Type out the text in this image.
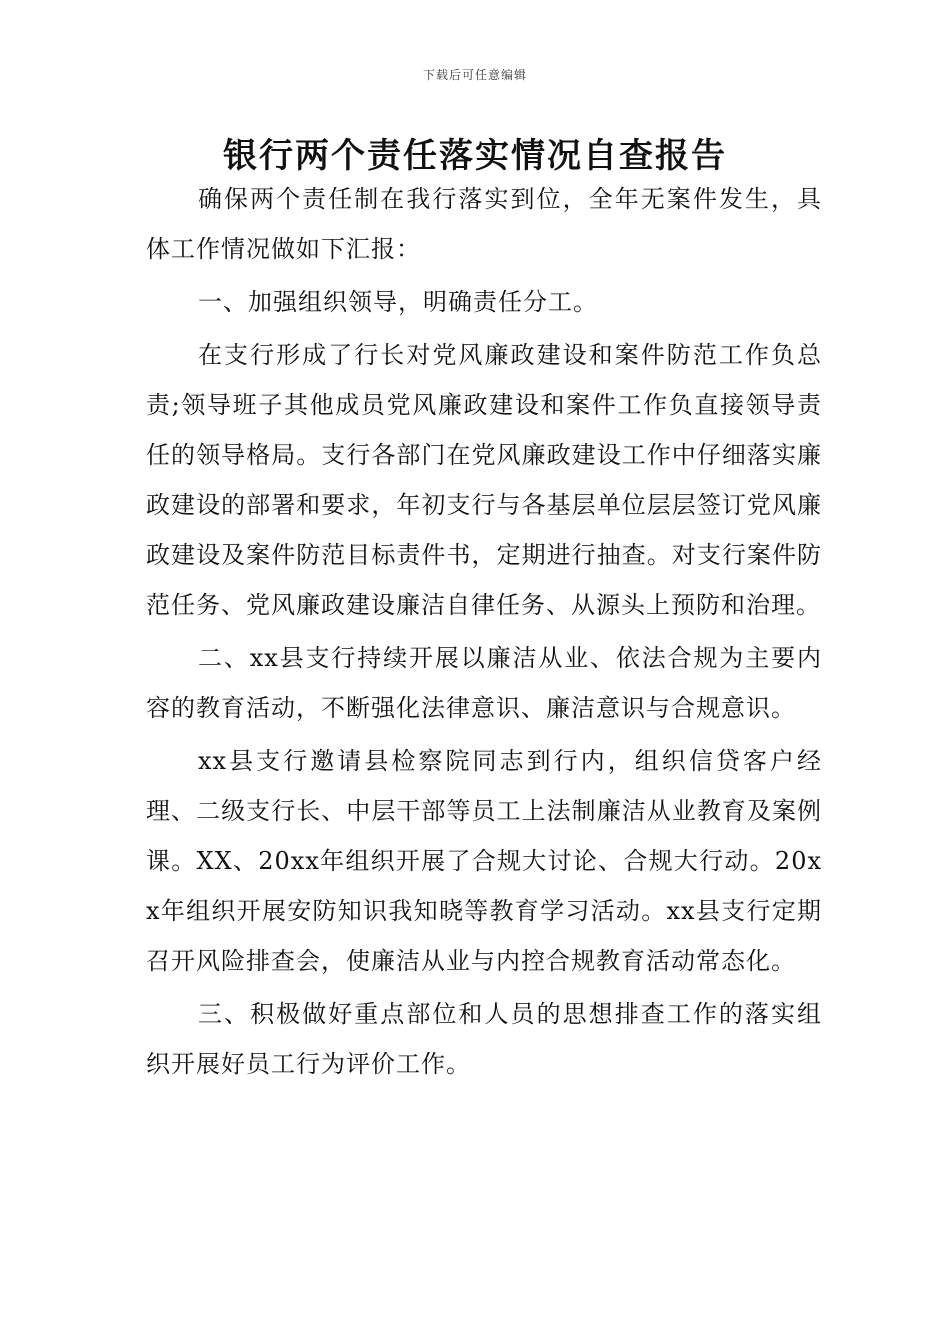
下载后可任意编辑
银行两个责任落实情况自查报告

确保两个责任制在我行落实到位，全年无案件发生，具体工作情况做如下汇报：

一、加强组织领导，明确责任分工。

在支行形成了行长对党风廉政建设和案件防范工作负总责;领导班子其他成员党风廉政建设和案件工作负直接领导责任的领导格局。支行各部门在党风廉政建设工作中仔细落实廉政建设的部署和要求，年初支行与各基层单位层层签订党风廉政建设及案件防范目标责件书，定期进行抽查。对支行案件防范任务、党风廉政建设廉洁自律任务、从源头上预防和治理。

二、xx县支行持续开展以廉洁从业、依法合规为主要内容的教育活动，不断强化法律意识、廉洁意识与合规意识。

xx县支行邀请县检察院同志到行内，组织信贷客户经理、二级支行长、中层干部等员工上法制廉洁从业教育及案例课。XX、20xx年组织开展了合规大讨论、合规大行动。20xx年组织开展安防知识我知晓等教育学习活动。xx县支行定期召开风险排查会，使廉洁从业与内控合规教育活动常态化。

三、积极做好重点部位和人员的思想排查工作的落实组织开展好员工行为评价工作。
